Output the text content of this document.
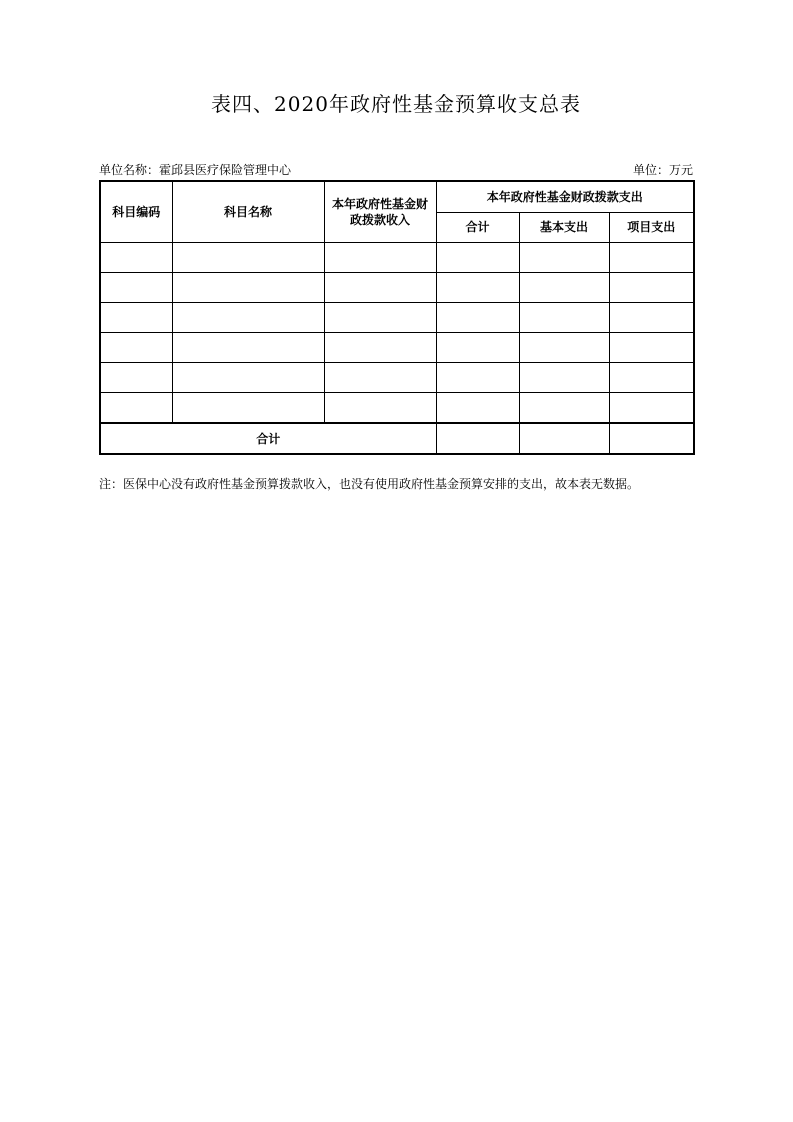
表四、2020年政府性基金预算收支总表
单位名称：霍邱县医疗保险管理中心	单位：万元
科目编码	科目名称	本年政府性基金财政拨款收入	本年政府性基金财政拨款支出		
			合计	基本支出	项目支出

合计					
注：医保中心没有政府性基金预算拨款收入，也没有使用政府性基金预算安排的支出，故本表无数据。
